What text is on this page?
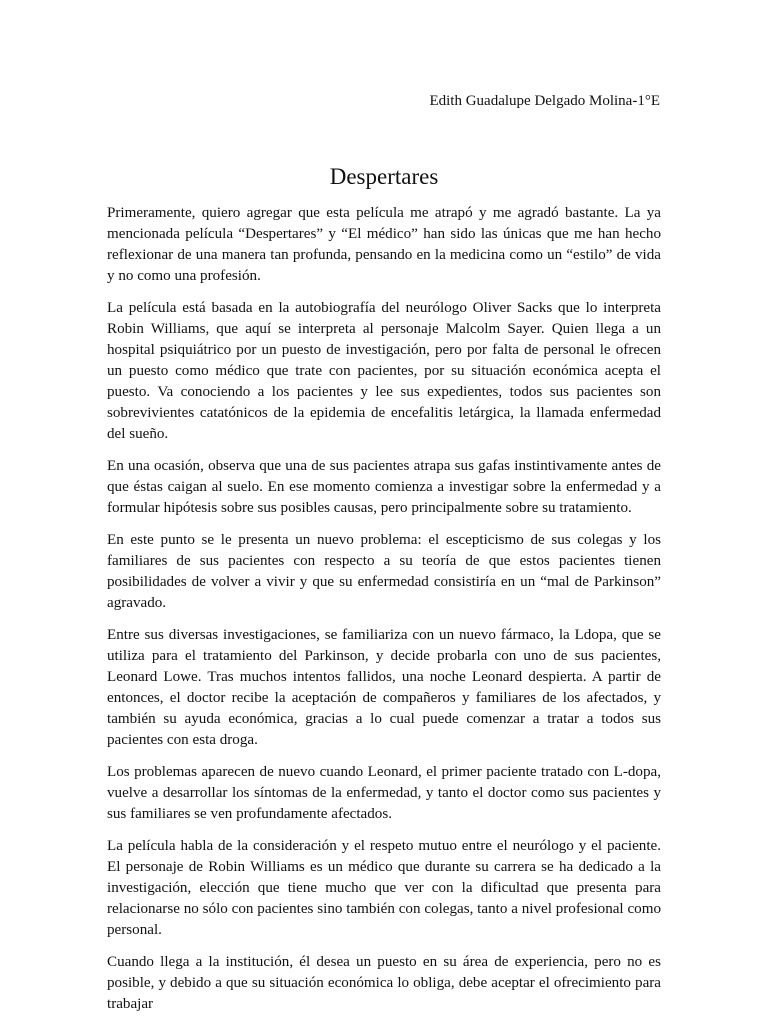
Edith Guadalupe Delgado Molina-1°E
Despertares

Primeramente, quiero agregar que esta película me atrapó y me agradó bastante. La ya mencionada película “Despertares” y “El médico” han sido las únicas que me han hecho reflexionar de una manera tan profunda, pensando en la medicina como un “estilo” de vida y no como una profesión.

La película está basada en la autobiografía del neurólogo Oliver Sacks que lo interpreta Robin Williams, que aquí se interpreta al personaje Malcolm Sayer. Quien llega a un hospital psiquiátrico por un puesto de investigación, pero por falta de personal le ofrecen un puesto como médico que trate con pacientes, por su situación económica acepta el puesto. Va conociendo a los pacientes y lee sus expedientes, todos sus pacientes son sobrevivientes catatónicos de la epidemia de encefalitis letárgica, la llamada enfermedad del sueño.

En una ocasión, observa que una de sus pacientes atrapa sus gafas instintivamente antes de que éstas caigan al suelo. En ese momento comienza a investigar sobre la enfermedad y a formular hipótesis sobre sus posibles causas, pero principalmente sobre su tratamiento.

En este punto se le presenta un nuevo problema: el escepticismo de sus colegas y los familiares de sus pacientes con respecto a su teoría de que estos pacientes tienen posibilidades de volver a vivir y que su enfermedad consistiría en un “mal de Parkinson” agravado.

Entre sus diversas investigaciones, se familiariza con un nuevo fármaco, la Ldopa, que se utiliza para el tratamiento del Parkinson, y decide probarla con uno de sus pacientes, Leonard Lowe. Tras muchos intentos fallidos, una noche Leonard despierta. A partir de entonces, el doctor recibe la aceptación de compañeros y familiares de los afectados, y también su ayuda económica, gracias a lo cual puede comenzar a tratar a todos sus pacientes con esta droga.

Los problemas aparecen de nuevo cuando Leonard, el primer paciente tratado con L-dopa, vuelve a desarrollar los síntomas de la enfermedad, y tanto el doctor como sus pacientes y sus familiares se ven profundamente afectados.

La película habla de la consideración y el respeto mutuo entre el neurólogo y el paciente. El personaje de Robin Williams es un médico que durante su carrera se ha dedicado a la investigación, elección que tiene mucho que ver con la dificultad que presenta para relacionarse no sólo con pacientes sino también con colegas, tanto a nivel profesional como personal.

Cuando llega a la institución, él desea un puesto en su área de experiencia, pero no es posible, y debido a que su situación económica lo obliga, debe aceptar el ofrecimiento para trabajar
